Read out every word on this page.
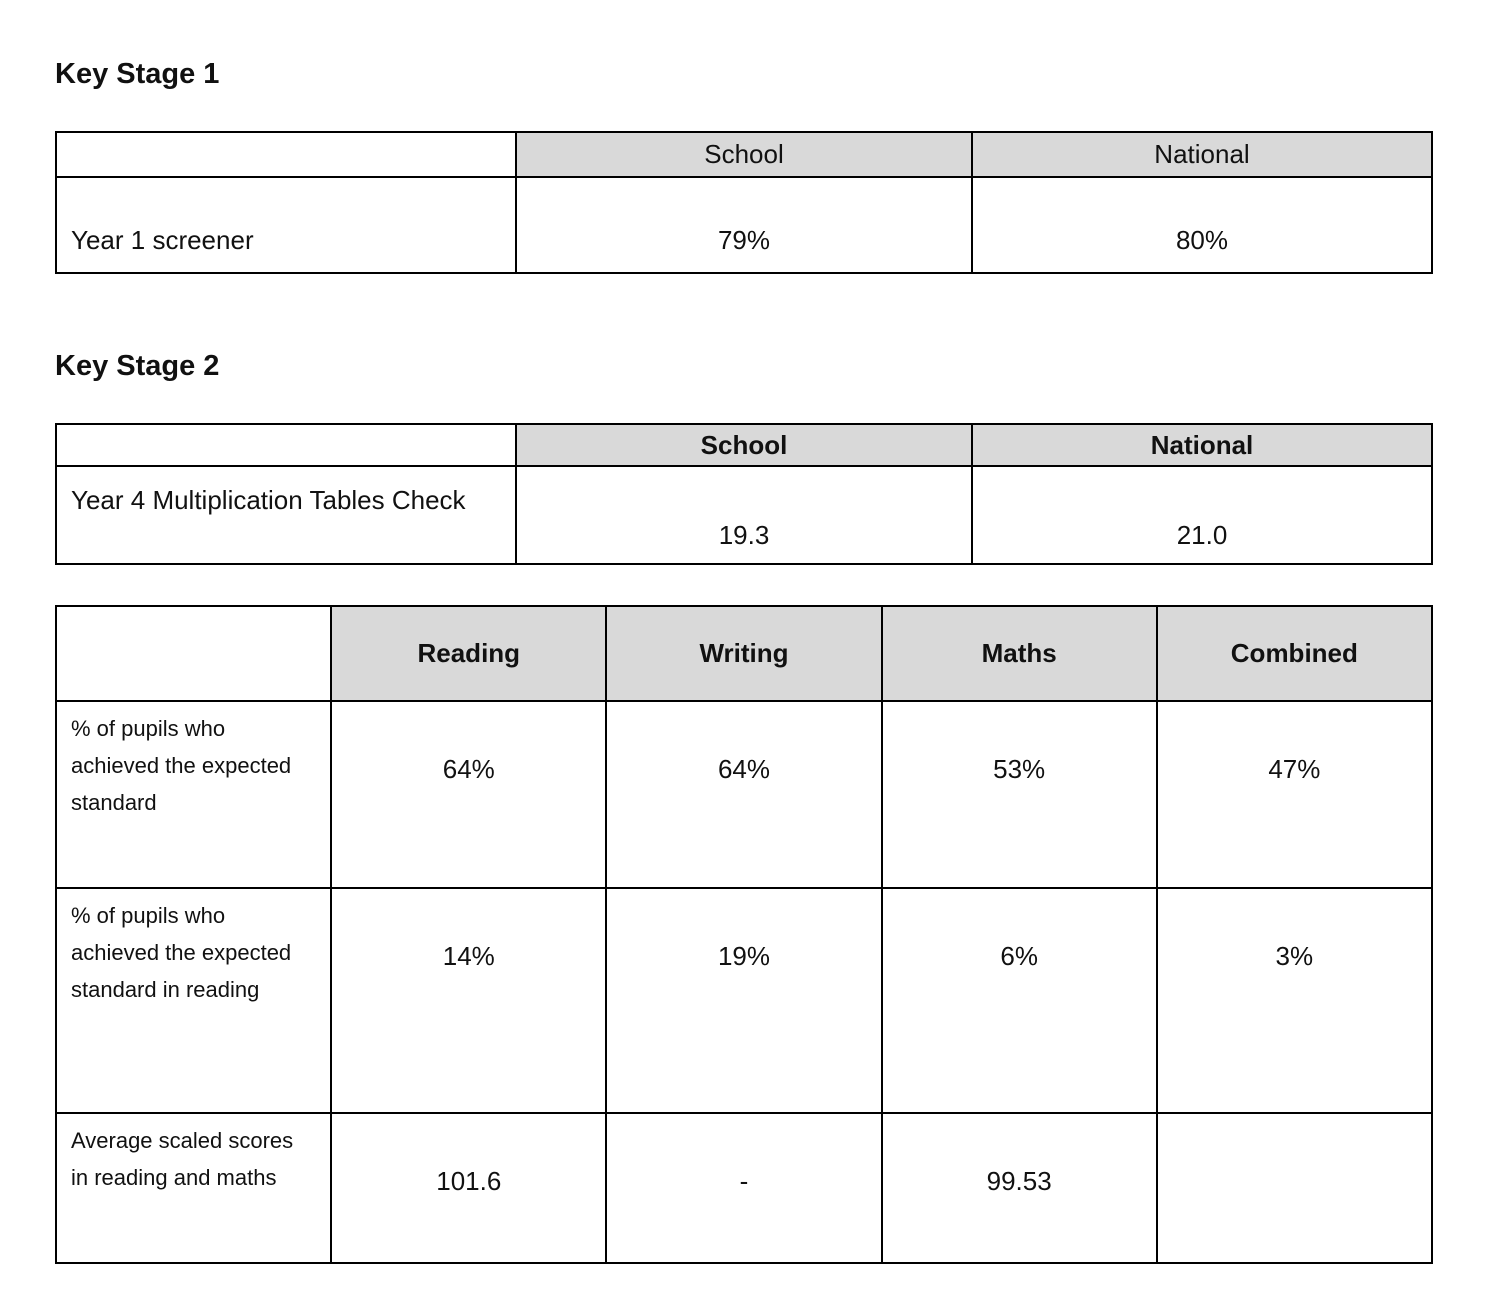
Key Stage 1
	School	National
Year 1 screener	79%	80%
Key Stage 2
	School	National
Year 4 Multiplication Tables Check	19.3	21.0
	Reading	Writing	Maths	Combined
% of pupils who achieved the expected standard	64%	64%	53%	47%
% of pupils who achieved the expected standard in reading	14%	19%	6%	3%
Average scaled scores in reading and maths	101.6	-	99.53	
